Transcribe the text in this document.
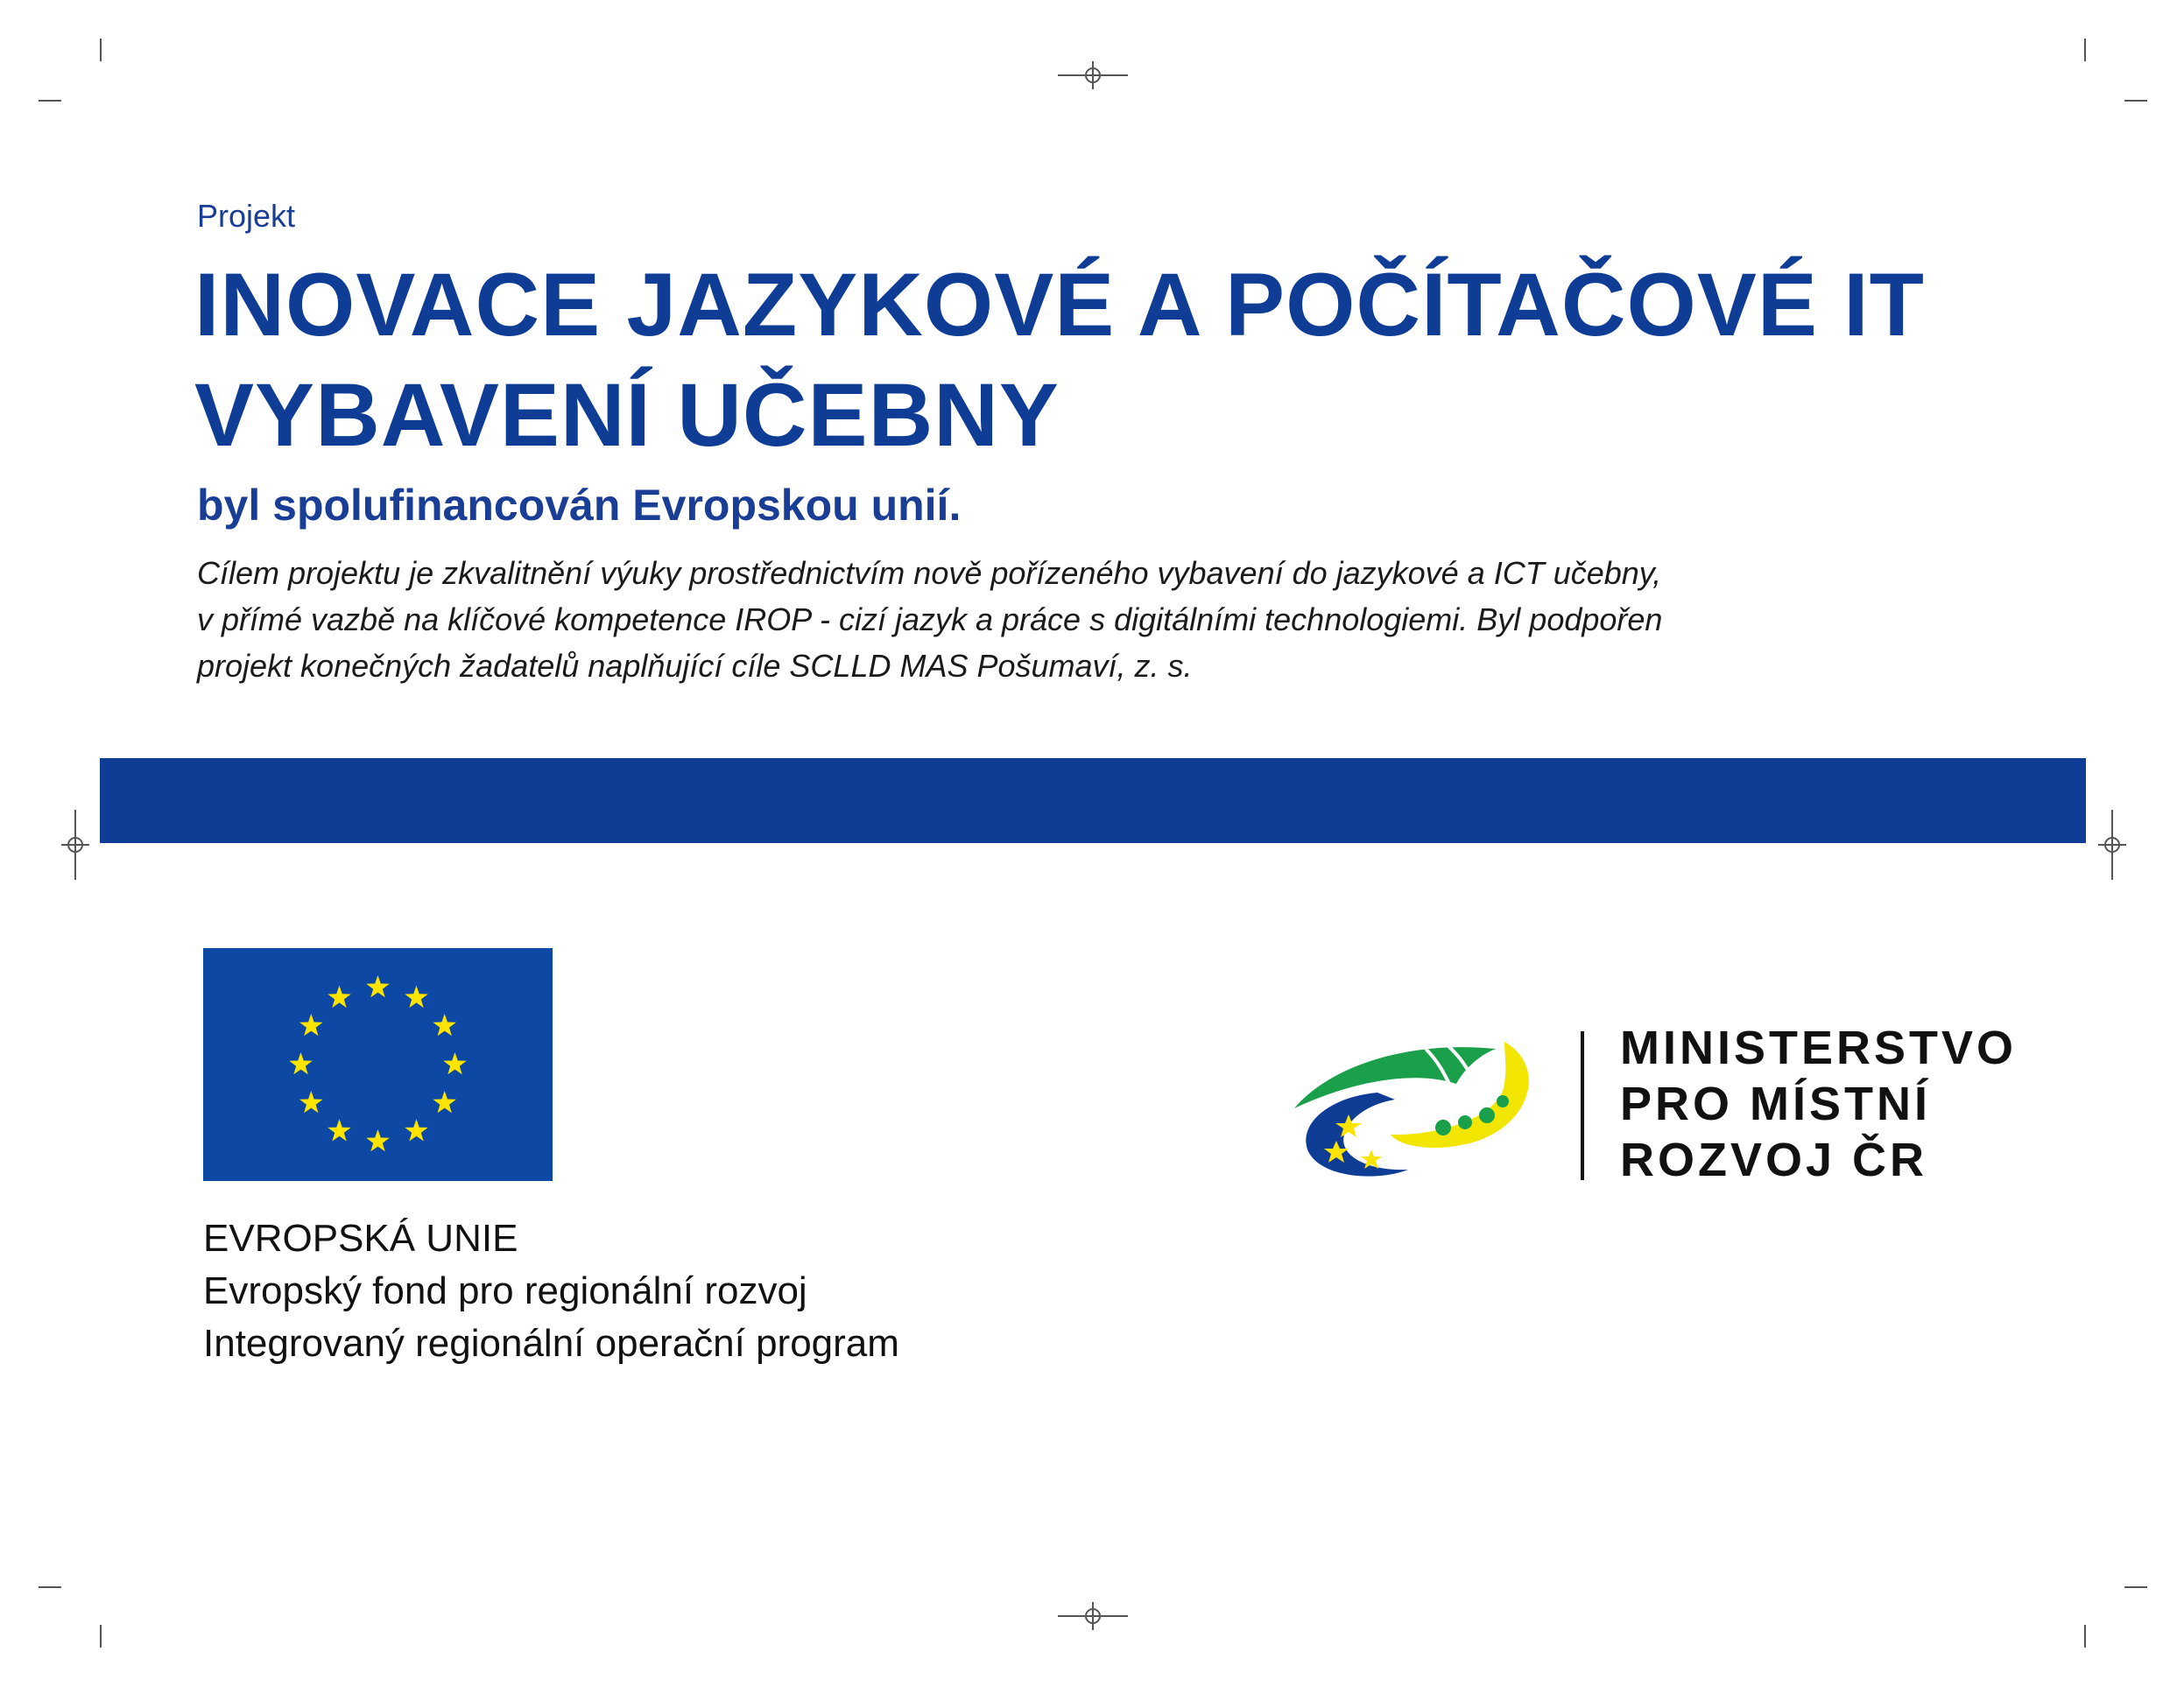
Projekt
INOVACE JAZYKOVÉ A POČÍTAČOVÉ IT
VYBAVENÍ UČEBNY
byl spolufinancován Evropskou unií.
Cílem projektu je zkvalitnění výuky prostřednictvím nově pořízeného vybavení do jazykové a ICT učebny,
v přímé vazbě na klíčové kompetence IROP - cizí jazyk a práce s digitálními technologiemi. Byl podpořen
projekt konečných žadatelů naplňující cíle SCLLD MAS Pošumaví, z. s.
EVROPSKÁ UNIE
Evropský fond pro regionální rozvoj
Integrovaný regionální operační program
MINISTERSTVO
PRO MÍSTNÍ
ROZVOJ ČR
